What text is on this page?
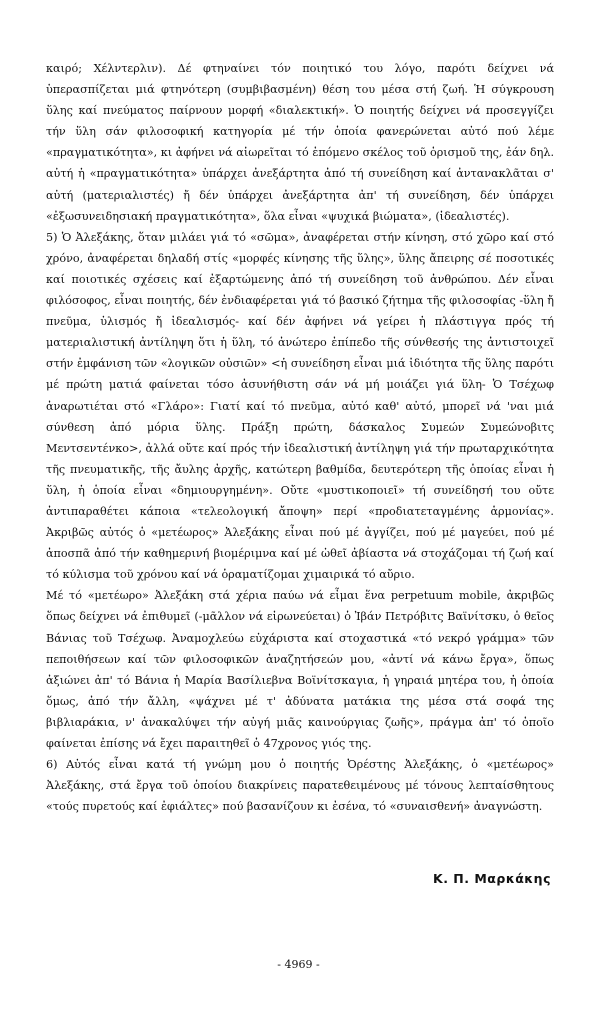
καιρό; Χέλντερλιν). Δέ φτηναίνει τόν ποιητικό του λόγο, παρότι δείχνει νά ὑπερασπίζεται μιά φτηνότερη (συμβιβασμένη) θέση του μέσα στή ζωή. Ἡ σύγκρουση ὕλης καί πνεύματος παίρνουν μορφή «διαλεκτική». Ὁ ποιητής δείχνει νά προσεγγίζει τήν ὕλη σάν φιλοσοφική κατηγορία μέ τήν ὁποία φανερώνεται αὐτό πού λέμε «πραγματικότητα», κι ἀφήνει νά αἰωρεῖται τό ἑπόμενο σκέλος τοῦ ὁρισμοῦ της, ἐάν δηλ. αὐτή ἡ «πραγματικότητα» ὑπάρχει ἀνεξάρτητα ἀπό τή συνείδηση καί ἀντανακλᾶται σ' αὐτή (ματεριαλιστές) ἤ δέν ὑπάρχει ἀνεξάρτητα ἀπ' τή συνείδηση, δέν ὑπάρχει «ἐξωσυνειδησιακή πραγματικότητα», ὅλα εἶναι «ψυχικά βιώματα», (ἰδεαλιστές).

5) Ὁ Ἀλεξάκης, ὅταν μιλάει γιά τό «σῶμα», ἀναφέρεται στήν κίνηση, στό χῶρο καί στό χρόνο, ἀναφέρεται δηλαδή στίς «μορφές κίνησης τῆς ὕλης», ὕλης ἄπειρης σέ ποσοτικές καί ποιοτικές σχέσεις καί ἐξαρτώμενης ἀπό τή συνείδηση τοῦ ἀνθρώπου. Δέν εἶναι φιλόσοφος, εἶναι ποιητής, δέν ἐνδιαφέρεται γιά τό βασικό ζήτημα τῆς φιλοσοφίας -ὕλη ἤ πνεῦμα, ὑλισμός ἤ ἰδεαλισμός- καί δέν ἀφήνει νά γείρει ἡ πλάστιγγα πρός τή ματεριαλιστική ἀντίληψη ὅτι ἡ ὕλη, τό ἀνώτερο ἐπίπεδο τῆς σύνθεσής της ἀντιστοιχεῖ στήν ἐμφάνιση τῶν «λογικῶν οὐσιῶν» <ἡ συνείδηση εἶναι μιά ἰδιότητα τῆς ὕλης παρότι μέ πρώτη ματιά φαίνεται τόσο ἀσυνήθιστη σάν νά μή μοιάζει γιά ὕλη- Ὁ Τσέχωφ ἀναρωτιέται στό «Γλάρο»: Γιατί καί τό πνεῦμα, αὐτό καθ' αὐτό, μπορεῖ νά 'ναι μιά σύνθεση ἀπό μόρια ὕλης. Πράξη πρώτη, δάσκαλος Συμεών Συμεώνοβιτς Μεντσεντένκο>, ἀλλά οὔτε καί πρός τήν ἰδεαλιστική ἀντίληψη γιά τήν πρωταρχικότητα τῆς πνευματικῆς, τῆς ἄυλης ἀρχῆς, κατώτερη βαθμίδα, δευτερότερη τῆς ὁποίας εἶναι ἡ ὕλη, ἡ ὁποία εἶναι «δημιουργημένη». Οὔτε «μυστικοποιεῖ» τή συνείδησή του οὔτε ἀντιπαραθέτει κάποια «τελεολογική ἄποψη» περί «προδιατεταγμένης ἁρμονίας». Ἀκριβῶς αὐτός ὁ «μετέωρος» Ἀλεξάκης εἶναι πού μέ ἀγγίζει, πού μέ μαγεύει, πού μέ ἀποσπᾶ ἀπό τήν καθημερινή βιομέριμνα καί μέ ὠθεῖ ἀβίαστα νά στοχάζομαι τή ζωή καί τό κύλισμα τοῦ χρόνου καί νά ὁραματίζομαι χιμαιρικά τό αὔριο.

Μέ τό «μετέωρο» Ἀλεξάκη στά χέρια παύω νά εἶμαι ἕνα perpetuum mobile, ἀκριβῶς ὅπως δείχνει νά ἐπιθυμεῖ (-μᾶλλον νά εἰρωνεύεται) ὁ Ἰβάν Πετρόβιτς Βαϊνίτσκυ, ὁ θεῖος Βάνιας τοῦ Τσέχωφ. Ἀναμοχλεύω εὐχάριστα καί στοχαστικά «τό νεκρό γράμμα» τῶν πεποιθήσεων καί τῶν φιλοσοφικῶν ἀναζητήσεών μου, «ἀντί νά κάνω ἔργα», ὅπως ἀξιώνει ἀπ' τό Βάνια ἡ Μαρία Βασίλιεβνα Βοϊνίτσκαγια, ἡ γηραιά μητέρα του, ἡ ὁποία ὅμως, ἀπό τήν ἄλλη, «ψάχνει μέ τ' ἀδύνατα ματάκια της μέσα στά σοφά της βιβλιαράκια, ν' ἀνακαλύψει τήν αὐγή μιᾶς καινούργιας ζωῆς», πράγμα ἀπ' τό ὁποῖο φαίνεται ἐπίσης νά ἔχει παραιτηθεῖ ὁ 47χρονος γιός της.

6) Αὐτός εἶναι κατά τή γνώμη μου ὁ ποιητής Ὀρέστης Ἀλεξάκης, ὁ «μετέωρος» Ἀλεξάκης, στά ἔργα τοῦ ὁποίου διακρίνεις παρατεθειμένους μέ τόνους λεπταίσθητους «τούς πυρετούς καί ἐφιάλτες» πού βασανίζουν κι ἐσένα, τό «συναισθενή» ἀναγνώστη.

Κ. Π. Μαρκάκης
- 4969 -
